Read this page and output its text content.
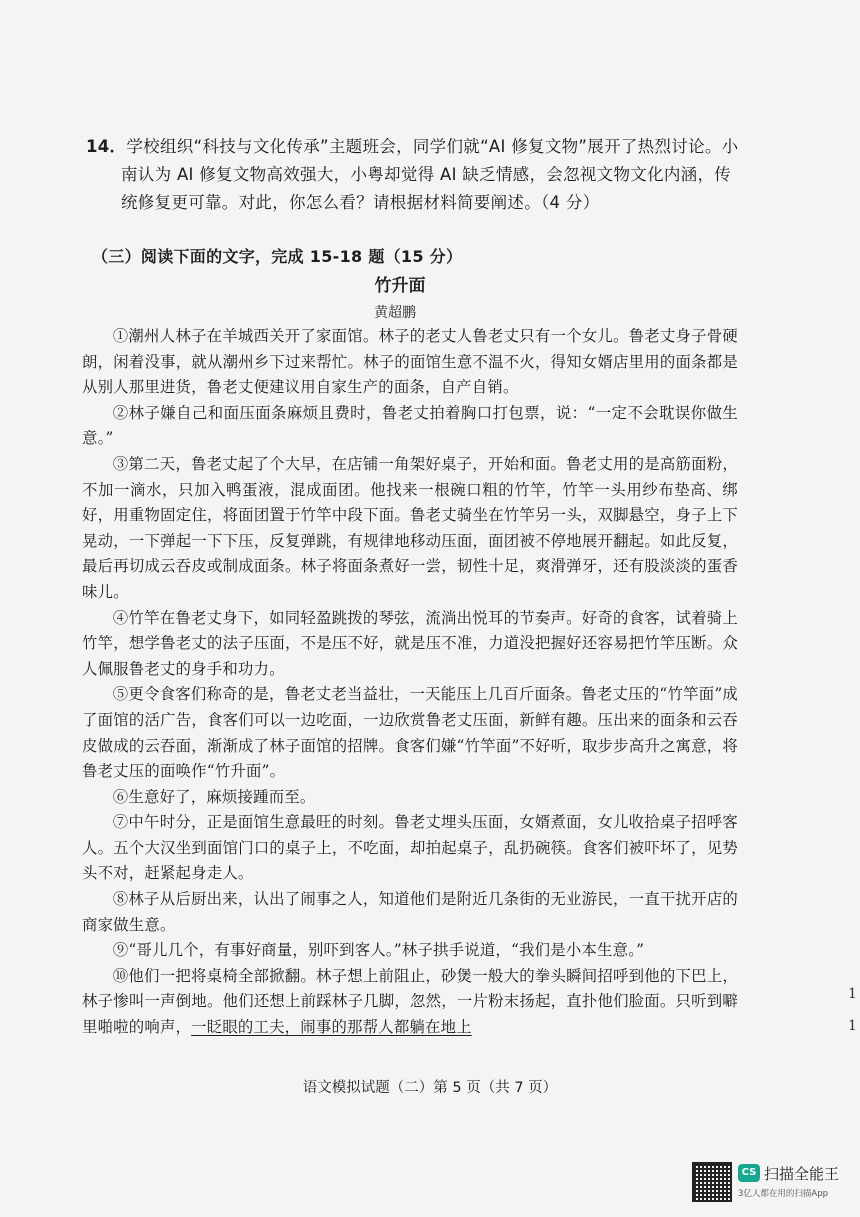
14．学校组织“科技与文化传承”主题班会，同学们就“AI 修复文物”展开了热烈讨论。小南认为 AI 修复文物高效强大，小粤却觉得 AI 缺乏情感，会忽视文物文化内涵，传统修复更可靠。对此，你怎么看？请根据材料简要阐述。（4 分）

（三）阅读下面的文字，完成 15-18 题（15 分）
竹升面
黄超鹏

①潮州人林子在羊城西关开了家面馆。林子的老丈人鲁老丈只有一个女儿。鲁老丈身子骨硬朗，闲着没事，就从潮州乡下过来帮忙。林子的面馆生意不温不火，得知女婿店里用的面条都是从别人那里进货，鲁老丈便建议用自家生产的面条，自产自销。

②林子嫌自己和面压面条麻烦且费时，鲁老丈拍着胸口打包票，说：“一定不会耽误你做生意。”

③第二天，鲁老丈起了个大早，在店铺一角架好桌子，开始和面。鲁老丈用的是高筋面粉，不加一滴水，只加入鸭蛋液，混成面团。他找来一根碗口粗的竹竿，竹竿一头用纱布垫高、绑好，用重物固定住，将面团置于竹竿中段下面。鲁老丈骑坐在竹竿另一头，双脚悬空，身子上下晃动，一下弹起一下下压，反复弹跳，有规律地移动压面，面团被不停地展开翻起。如此反复，最后再切成云吞皮或制成面条。林子将面条煮好一尝，韧性十足，爽滑弹牙，还有股淡淡的蛋香味儿。

④竹竿在鲁老丈身下，如同轻盈跳拨的琴弦，流淌出悦耳的节奏声。好奇的食客，试着骑上竹竿，想学鲁老丈的法子压面，不是压不好，就是压不准，力道没把握好还容易把竹竿压断。众人佩服鲁老丈的身手和功力。

⑤更令食客们称奇的是，鲁老丈老当益壮，一天能压上几百斤面条。鲁老丈压的“竹竿面”成了面馆的活广告，食客们可以一边吃面，一边欣赏鲁老丈压面，新鲜有趣。压出来的面条和云吞皮做成的云吞面，渐渐成了林子面馆的招牌。食客们嫌“竹竿面”不好听，取步步高升之寓意，将鲁老丈压的面唤作“竹升面”。

⑥生意好了，麻烦接踵而至。

⑦中午时分，正是面馆生意最旺的时刻。鲁老丈埋头压面，女婿煮面，女儿收拾桌子招呼客人。五个大汉坐到面馆门口的桌子上，不吃面，却拍起桌子，乱扔碗筷。食客们被吓坏了，见势头不对，赶紧起身走人。

⑧林子从后厨出来，认出了闹事之人，知道他们是附近几条街的无业游民，一直干扰开店的商家做生意。

⑨“哥儿几个，有事好商量，别吓到客人。”林子拱手说道，“我们是小本生意。”

⑩他们一把将桌椅全部掀翻。林子想上前阻止，砂煲一般大的拳头瞬间招呼到他的下巴上，林子惨叫一声倒地。他们还想上前踩林子几脚，忽然，一片粉末扬起，直扑他们脸面。只听到噼里啪啦的响声，一眨眼的工夫，闹事的那帮人都躺在地上

语文模拟试题（二）第 5 页（共 7 页）
1
1
CS 扫描全能王
3亿人都在用的扫描App
